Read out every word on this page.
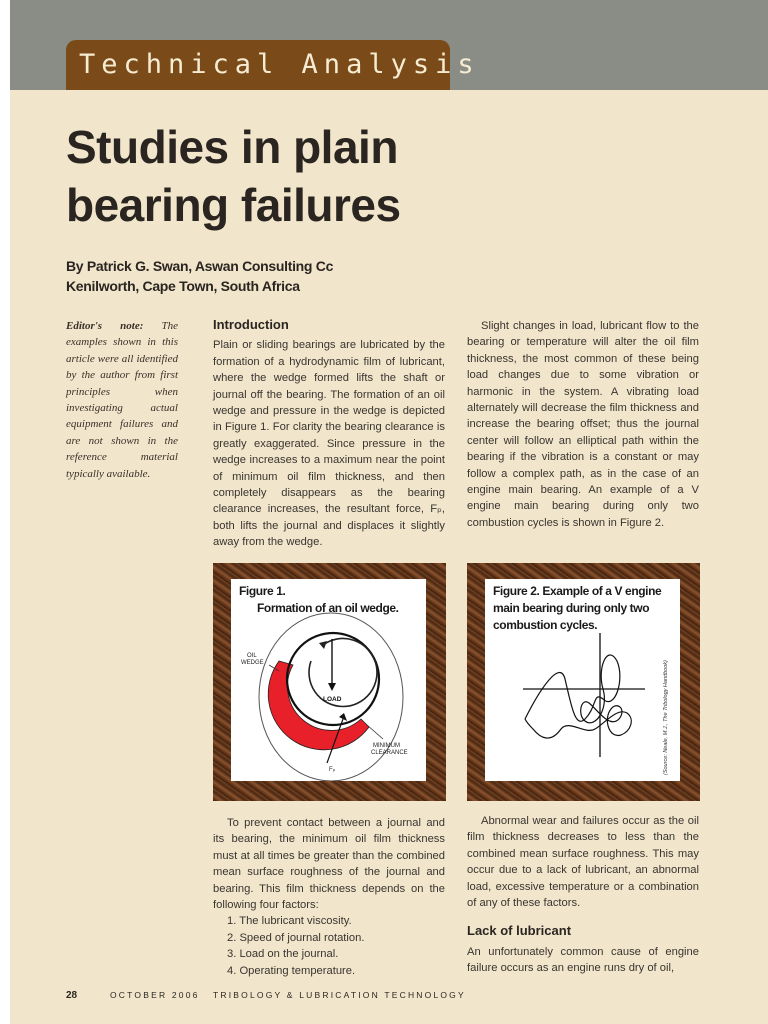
Technical Analysis
Studies in plain
bearing failures
By Patrick G. Swan, Aswan Consulting Cc
Kenilworth, Cape Town, South Africa
Editor's note: The examples shown in this article were all identified by the author from first principles when investigating actual equipment failures and are not shown in the reference material typically available.
Introduction

Plain or sliding bearings are lubricated by the formation of a hydrodynamic film of lubricant, where the wedge formed lifts the shaft or journal off the bearing. The formation of an oil wedge and pressure in the wedge is depicted in Figure 1. For clarity the bearing clearance is greatly exaggerated. Since pressure in the wedge increases to a maximum near the point of minimum oil film thickness, and then completely disappears as the bearing clearance increases, the resultant force, Fₚ, both lifts the journal and displaces it slightly away from the wedge.

Slight changes in load, lubricant flow to the bearing or temperature will alter the oil film thickness, the most common of these being load changes due to some vibration or harmonic in the system. A vibrating load alternately will decrease the film thickness and increase the bearing offset; thus the journal center will follow an elliptical path within the bearing if the vibration is a constant or may follow a complex path, as in the case of an engine main bearing. An example of a V engine main bearing during only two combustion cycles is shown in Figure 2.

Figure 1.
Formation of an oil wedge.
OIL
WEDGE
LOAD
MINIMUM
CLEARANCE
Fₚ
Figure 2. Example of a V engine
main bearing during only two
combustion cycles.
(Source: Neale, M.J., The Tribology Handbook)

To prevent contact between a journal and its bearing, the minimum oil film thickness must at all times be greater than the combined mean surface roughness of the journal and bearing. This film thickness depends on the following four factors:

1. The lubricant viscosity.
2. Speed of journal rotation.
3. Load on the journal.
4. Operating temperature.

Abnormal wear and failures occur as the oil film thickness decreases to less than the combined mean surface roughness. This may occur due to a lack of lubricant, an abnormal load, excessive temperature or a combination of any of these factors.

Lack of lubricant

An unfortunately common cause of engine failure occurs as an engine runs dry of oil,

28	OCTOBER 2006 TRIBOLOGY & LUBRICATION TECHNOLOGY
